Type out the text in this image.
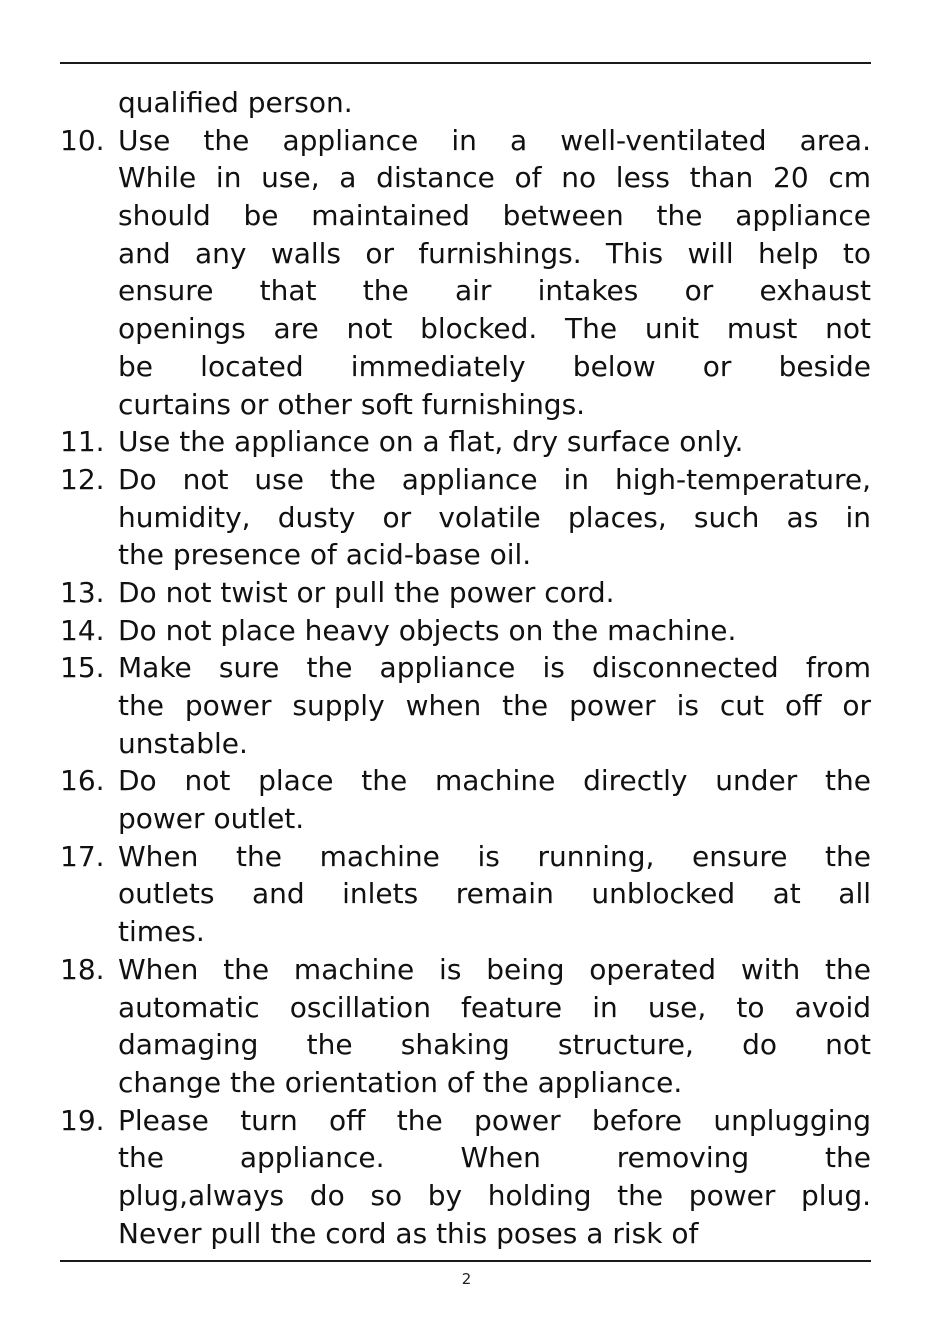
qualified person.
10. Use the appliance in a well-ventilated area.
While in use, a distance of no less than 20 cm
should be maintained between the appliance
and any walls or furnishings. This will help to
ensure that the air intakes or exhaust
openings are not blocked. The unit must not
be located immediately below or beside
curtains or other soft furnishings.
11. Use the appliance on a flat, dry surface only.
12. Do not use the appliance in high-temperature,
humidity, dusty or volatile places, such as in
the presence of acid-base oil.
13. Do not twist or pull the power cord.
14. Do not place heavy objects on the machine.
15. Make sure the appliance is disconnected from
the power supply when the power is cut off or
unstable.
16. Do not place the machine directly under the
power outlet.
17. When the machine is running, ensure the
outlets and inlets remain unblocked at all
times.
18. When the machine is being operated with the
automatic oscillation feature in use, to avoid
damaging the shaking structure, do not
change the orientation of the appliance.
19. Please turn off the power before unplugging
the appliance. When removing the
plug,always do so by holding the power plug.
Never pull the cord as this poses a risk of
2
